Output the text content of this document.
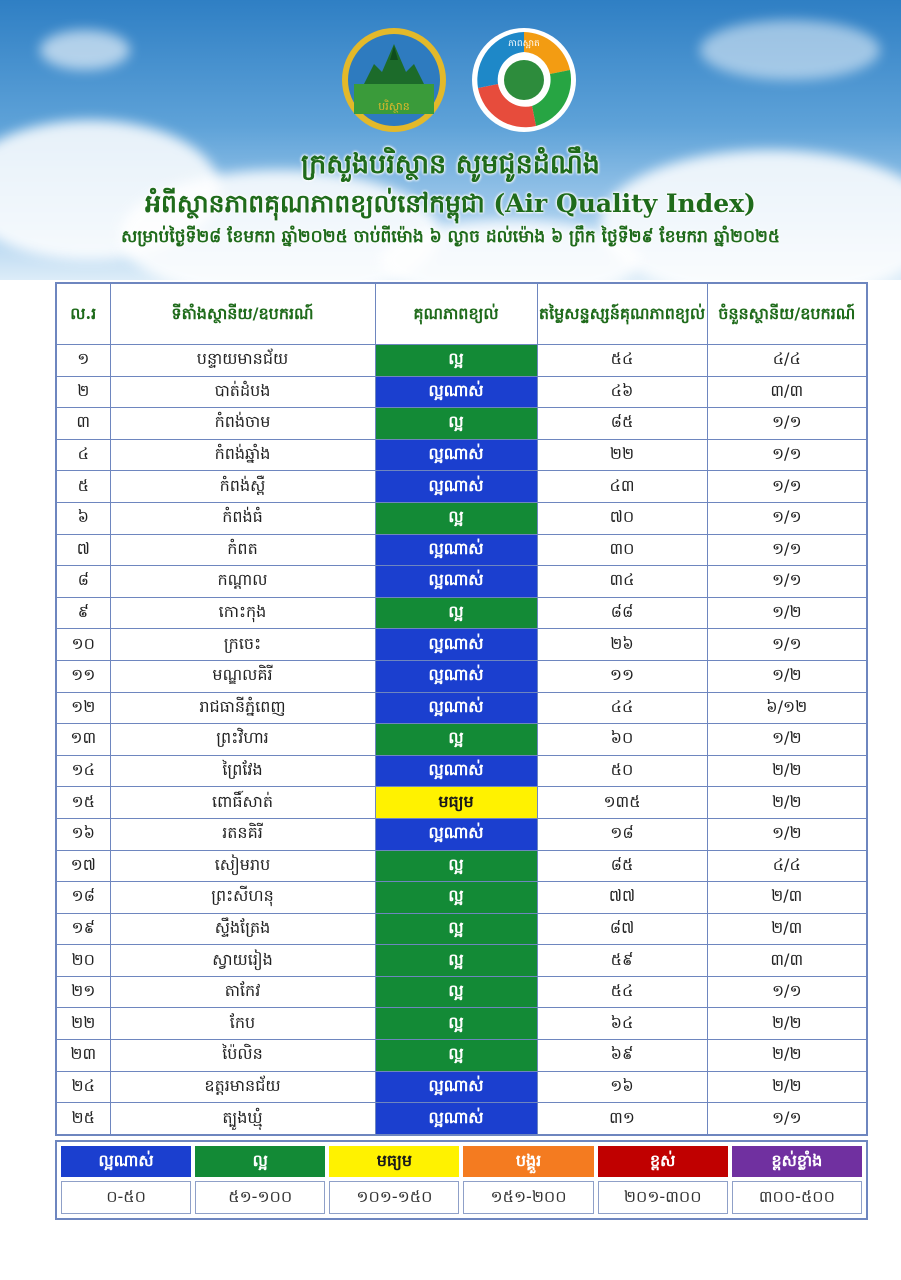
បរិស្ថាន
ភាពស្អាត
ក្រសួងបរិស្ថាន សូមជូនដំណឹង
អំពីស្ថានភាពគុណភាពខ្យល់នៅកម្ពុជា (Air Quality Index)
សម្រាប់ថ្ងៃទី២៨ ខែមករា ឆ្នាំ២០២៥ ចាប់ពីម៉ោង ៦ ល្ងាច ដល់ម៉ោង ៦ ព្រឹក ថ្ងៃទី២៩ ខែមករា ឆ្នាំ២០២៥
ល.រ	ទីតាំងស្ថានីយ/ឧបករណ៍	គុណភាពខ្យល់	តម្លៃសន្ទស្សន៍គុណភាពខ្យល់	ចំនួនស្ថានីយ/ឧបករណ៍
១	បន្ទាយមានជ័យ	ល្អ	៥៤	៤/៤
២	បាត់ដំបង	ល្អណាស់	៤៦	៣/៣
៣	កំពង់ចាម	ល្អ	៨៥	១/១
៤	កំពង់ឆ្នាំង	ល្អណាស់	២២	១/១
៥	កំពង់ស្ពឺ	ល្អណាស់	៤៣	១/១
៦	កំពង់ធំ	ល្អ	៧០	១/១
៧	កំពត	ល្អណាស់	៣០	១/១
៨	កណ្ដាល	ល្អណាស់	៣៤	១/១
៩	កោះកុង	ល្អ	៨៨	១/២
១០	ក្រចេះ	ល្អណាស់	២៦	១/១
១១	មណ្ឌលគិរី	ល្អណាស់	១១	១/២
១២	រាជធានីភ្នំពេញ	ល្អណាស់	៤៤	៦/១២
១៣	ព្រះវិហារ	ល្អ	៦០	១/២
១៤	ព្រៃវែង	ល្អណាស់	៥០	២/២
១៥	ពោធិ៍សាត់	មធ្យម	១៣៥	២/២
១៦	រតនគិរី	ល្អណាស់	១៨	១/២
១៧	សៀមរាប	ល្អ	៨៥	៤/៤
១៨	ព្រះសីហនុ	ល្អ	៧៧	២/៣
១៩	ស្ទឹងត្រែង	ល្អ	៨៧	២/៣
២០	ស្វាយរៀង	ល្អ	៥៩	៣/៣
២១	តាកែវ	ល្អ	៥៤	១/១
២២	កែប	ល្អ	៦៤	២/២
២៣	ប៉ៃលិន	ល្អ	៦៩	២/២
២៤	ឧត្តរមានជ័យ	ល្អណាស់	១៦	២/២
២៥	ត្បូងឃ្មុំ	ល្អណាស់	៣១	១/១
ល្អណាស់	ល្អ	មធ្យម	បង្គួរ	ខ្ពស់	ខ្ពស់ខ្លាំង
០-៥០	៥១-១០០	១០១-១៥០	១៥១-២០០	២០១-៣០០	៣០០-៥០០
